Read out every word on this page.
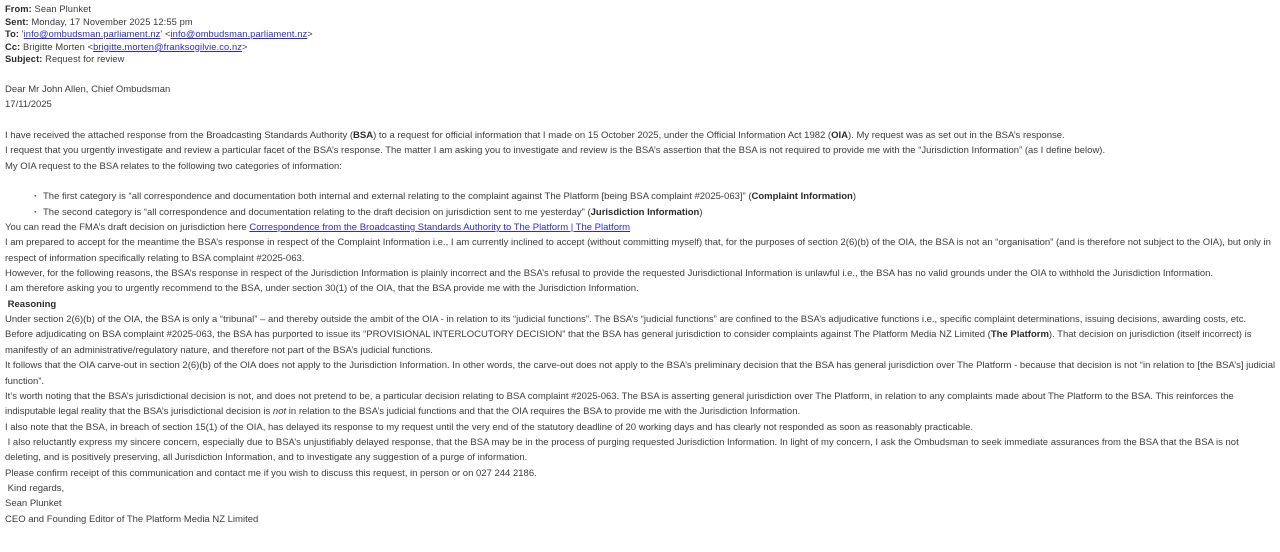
From: Sean Plunket
Sent: Monday, 17 November 2025 12:55 pm
To: 'info@ombudsman.parliament.nz' <info@ombudsman.parliament.nz>
Cc: Brigitte Morten <brigitte.morten@franksogilvie.co.nz>
Subject: Request for review
Dear Mr John Allen, Chief Ombudsman
17/11/2025
I have received the attached response from the Broadcasting Standards Authority (BSA) to a request for official information that I made on 15 October 2025, under the Official Information Act 1982 (OIA). My request was as set out in the BSA’s response.
I request that you urgently investigate and review a particular facet of the BSA’s response. The matter I am asking you to investigate and review is the BSA’s assertion that the BSA is not required to provide me with the “Jurisdiction Information” (as I define below).
My OIA request to the BSA relates to the following two categories of information:
· The first category is “all correspondence and documentation both internal and external relating to the complaint against The Platform [being BSA complaint #2025-063]” (Complaint Information)
· The second category is “all correspondence and documentation relating to the draft decision on jurisdiction sent to me yesterday” (Jurisdiction Information)
You can read the FMA’s draft decision on jurisdiction here Correspondence from the Broadcasting Standards Authority to The Platform | The Platform
I am prepared to accept for the meantime the BSA’s response in respect of the Complaint Information i.e., I am currently inclined to accept (without committing myself) that, for the purposes of section 2(6)(b) of the OIA, the BSA is not an “organisation” (and is therefore not subject to the OIA), but only in respect of information specifically relating to BSA complaint #2025-063.
However, for the following reasons, the BSA’s response in respect of the Jurisdiction Information is plainly incorrect and the BSA’s refusal to provide the requested Jurisdictional Information is unlawful i.e., the BSA has no valid grounds under the OIA to withhold the Jurisdiction Information.
I am therefore asking you to urgently recommend to the BSA, under section 30(1) of the OIA, that the BSA provide me with the Jurisdiction Information.
Reasoning
Under section 2(6)(b) of the OIA, the BSA is only a “tribunal” – and thereby outside the ambit of the OIA - in relation to its “judicial functions”. The BSA’s “judicial functions” are confined to the BSA’s adjudicative functions i.e., specific complaint determinations, issuing decisions, awarding costs, etc.
Before adjudicating on BSA complaint #2025-063, the BSA has purported to issue its “PROVISIONAL INTERLOCUTORY DECISION” that the BSA has general jurisdiction to consider complaints against The Platform Media NZ Limited (The Platform). That decision on jurisdiction (itself incorrect) is manifestly of an administrative/regulatory nature, and therefore not part of the BSA’s judicial functions.
It follows that the OIA carve-out in section 2(6)(b) of the OIA does not apply to the Jurisdiction Information. In other words, the carve-out does not apply to the BSA’s preliminary decision that the BSA has general jurisdiction over The Platform - because that decision is not “in relation to [the BSA’s] judicial function”.
It’s worth noting that the BSA’s jurisdictional decision is not, and does not pretend to be, a particular decision relating to BSA complaint #2025-063. The BSA is asserting general jurisdiction over The Platform, in relation to any complaints made about The Platform to the BSA. This reinforces the indisputable legal reality that the BSA’s jurisdictional decision is not in relation to the BSA’s judicial functions and that the OIA requires the BSA to provide me with the Jurisdiction Information.
I also note that the BSA, in breach of section 15(1) of the OIA, has delayed its response to my request until the very end of the statutory deadline of 20 working days and has clearly not responded as soon as reasonably practicable.
I also reluctantly express my sincere concern, especially due to BSA’s unjustifiably delayed response, that the BSA may be in the process of purging requested Jurisdiction Information. In light of my concern, I ask the Ombudsman to seek immediate assurances from the BSA that the BSA is not deleting, and is positively preserving, all Jurisdiction Information, and to investigate any suggestion of a purge of information.
Please confirm receipt of this communication and contact me if you wish to discuss this request, in person or on 027 244 2186.
Kind regards,
Sean Plunket
CEO and Founding Editor of The Platform Media NZ Limited
